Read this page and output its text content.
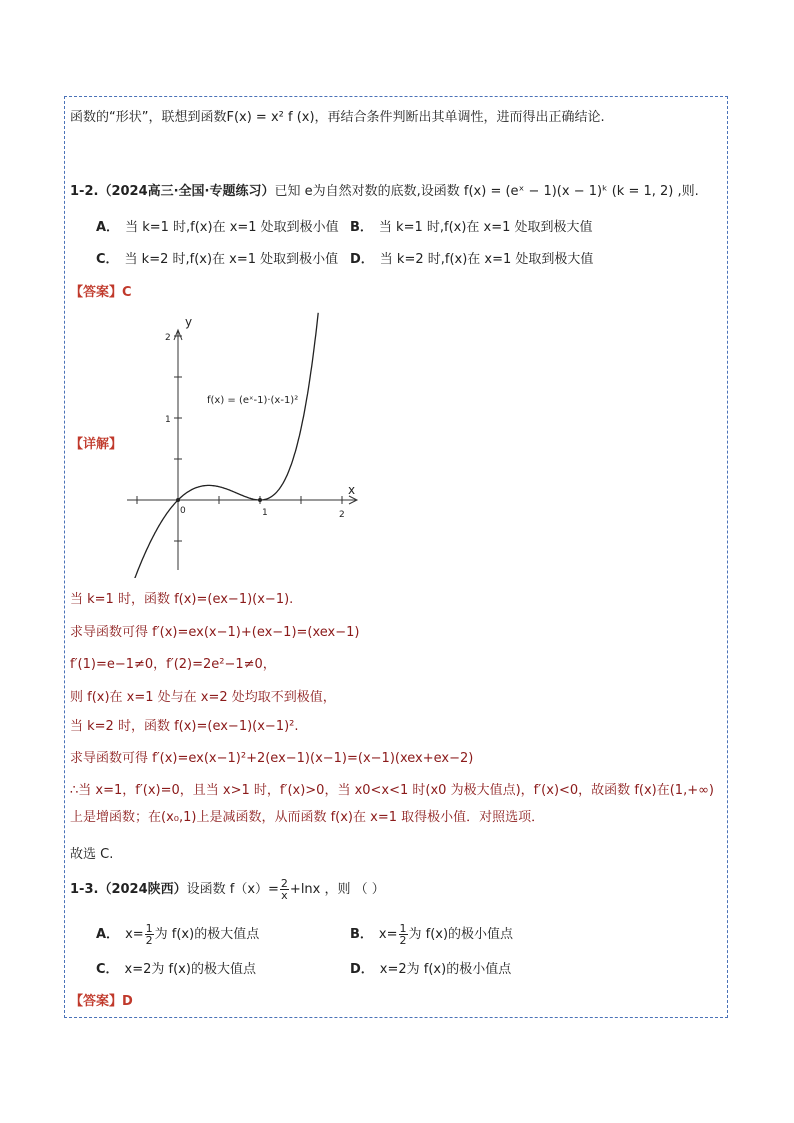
函数的“形状”，联想到函数F(x) = x² f (x)，再结合条件判断出其单调性，进而得出正确结论.
1-2.（2024高三·全国·专题练习）已知 e为自然对数的底数,设函数 f(x) = (eˣ − 1)(x − 1)ᵏ (k = 1, 2) ,则.
A． 当 k=1 时,f(x)在 x=1 处取到极小值 B． 当 k=1 时,f(x)在 x=1 处取到极大值
C． 当 k=2 时,f(x)在 x=1 处取到极小值 D． 当 k=2 时,f(x)在 x=1 处取到极大值
【答案】C
【详解】
y
x
2
1
0	1	2
f(x) = (eˣ-1)·(x-1)²
当 k=1 时，函数 f(x)=(ex−1)(x−1).
求导函数可得 f′(x)=ex(x−1)+(ex−1)=(xex−1)
f′(1)=e−1≠0，f′(2)=2e²−1≠0，
则 f(x)在 x=1 处与在 x=2 处均取不到极值，
当 k=2 时，函数 f(x)=(ex−1)(x−1)².
求导函数可得 f′(x)=ex(x−1)²+2(ex−1)(x−1)=(x−1)(xex+ex−2)
∴当 x=1，f′(x)=0，且当 x>1 时，f′(x)>0，当 x0<x<1 时(x0 为极大值点)，f′(x)<0，故函数 f(x)在(1,+∞)上是增函数；在(x₀,1)上是减函数，从而函数 f(x)在 x=1 取得极小值．对照选项．
故选 C.
1-3.（2024陕西）设函数 $f(x)= \frac{2}{x} +\ln x$ ，则 （ ）
A． $x= \frac{1}{2}$ 为 f(x)的极大值点	B． $x= \frac{1}{2}$ 为 f(x)的极小值点
C． x=2为 f(x)的极大值点	D． x=2为 f(x)的极小值点
【答案】D
